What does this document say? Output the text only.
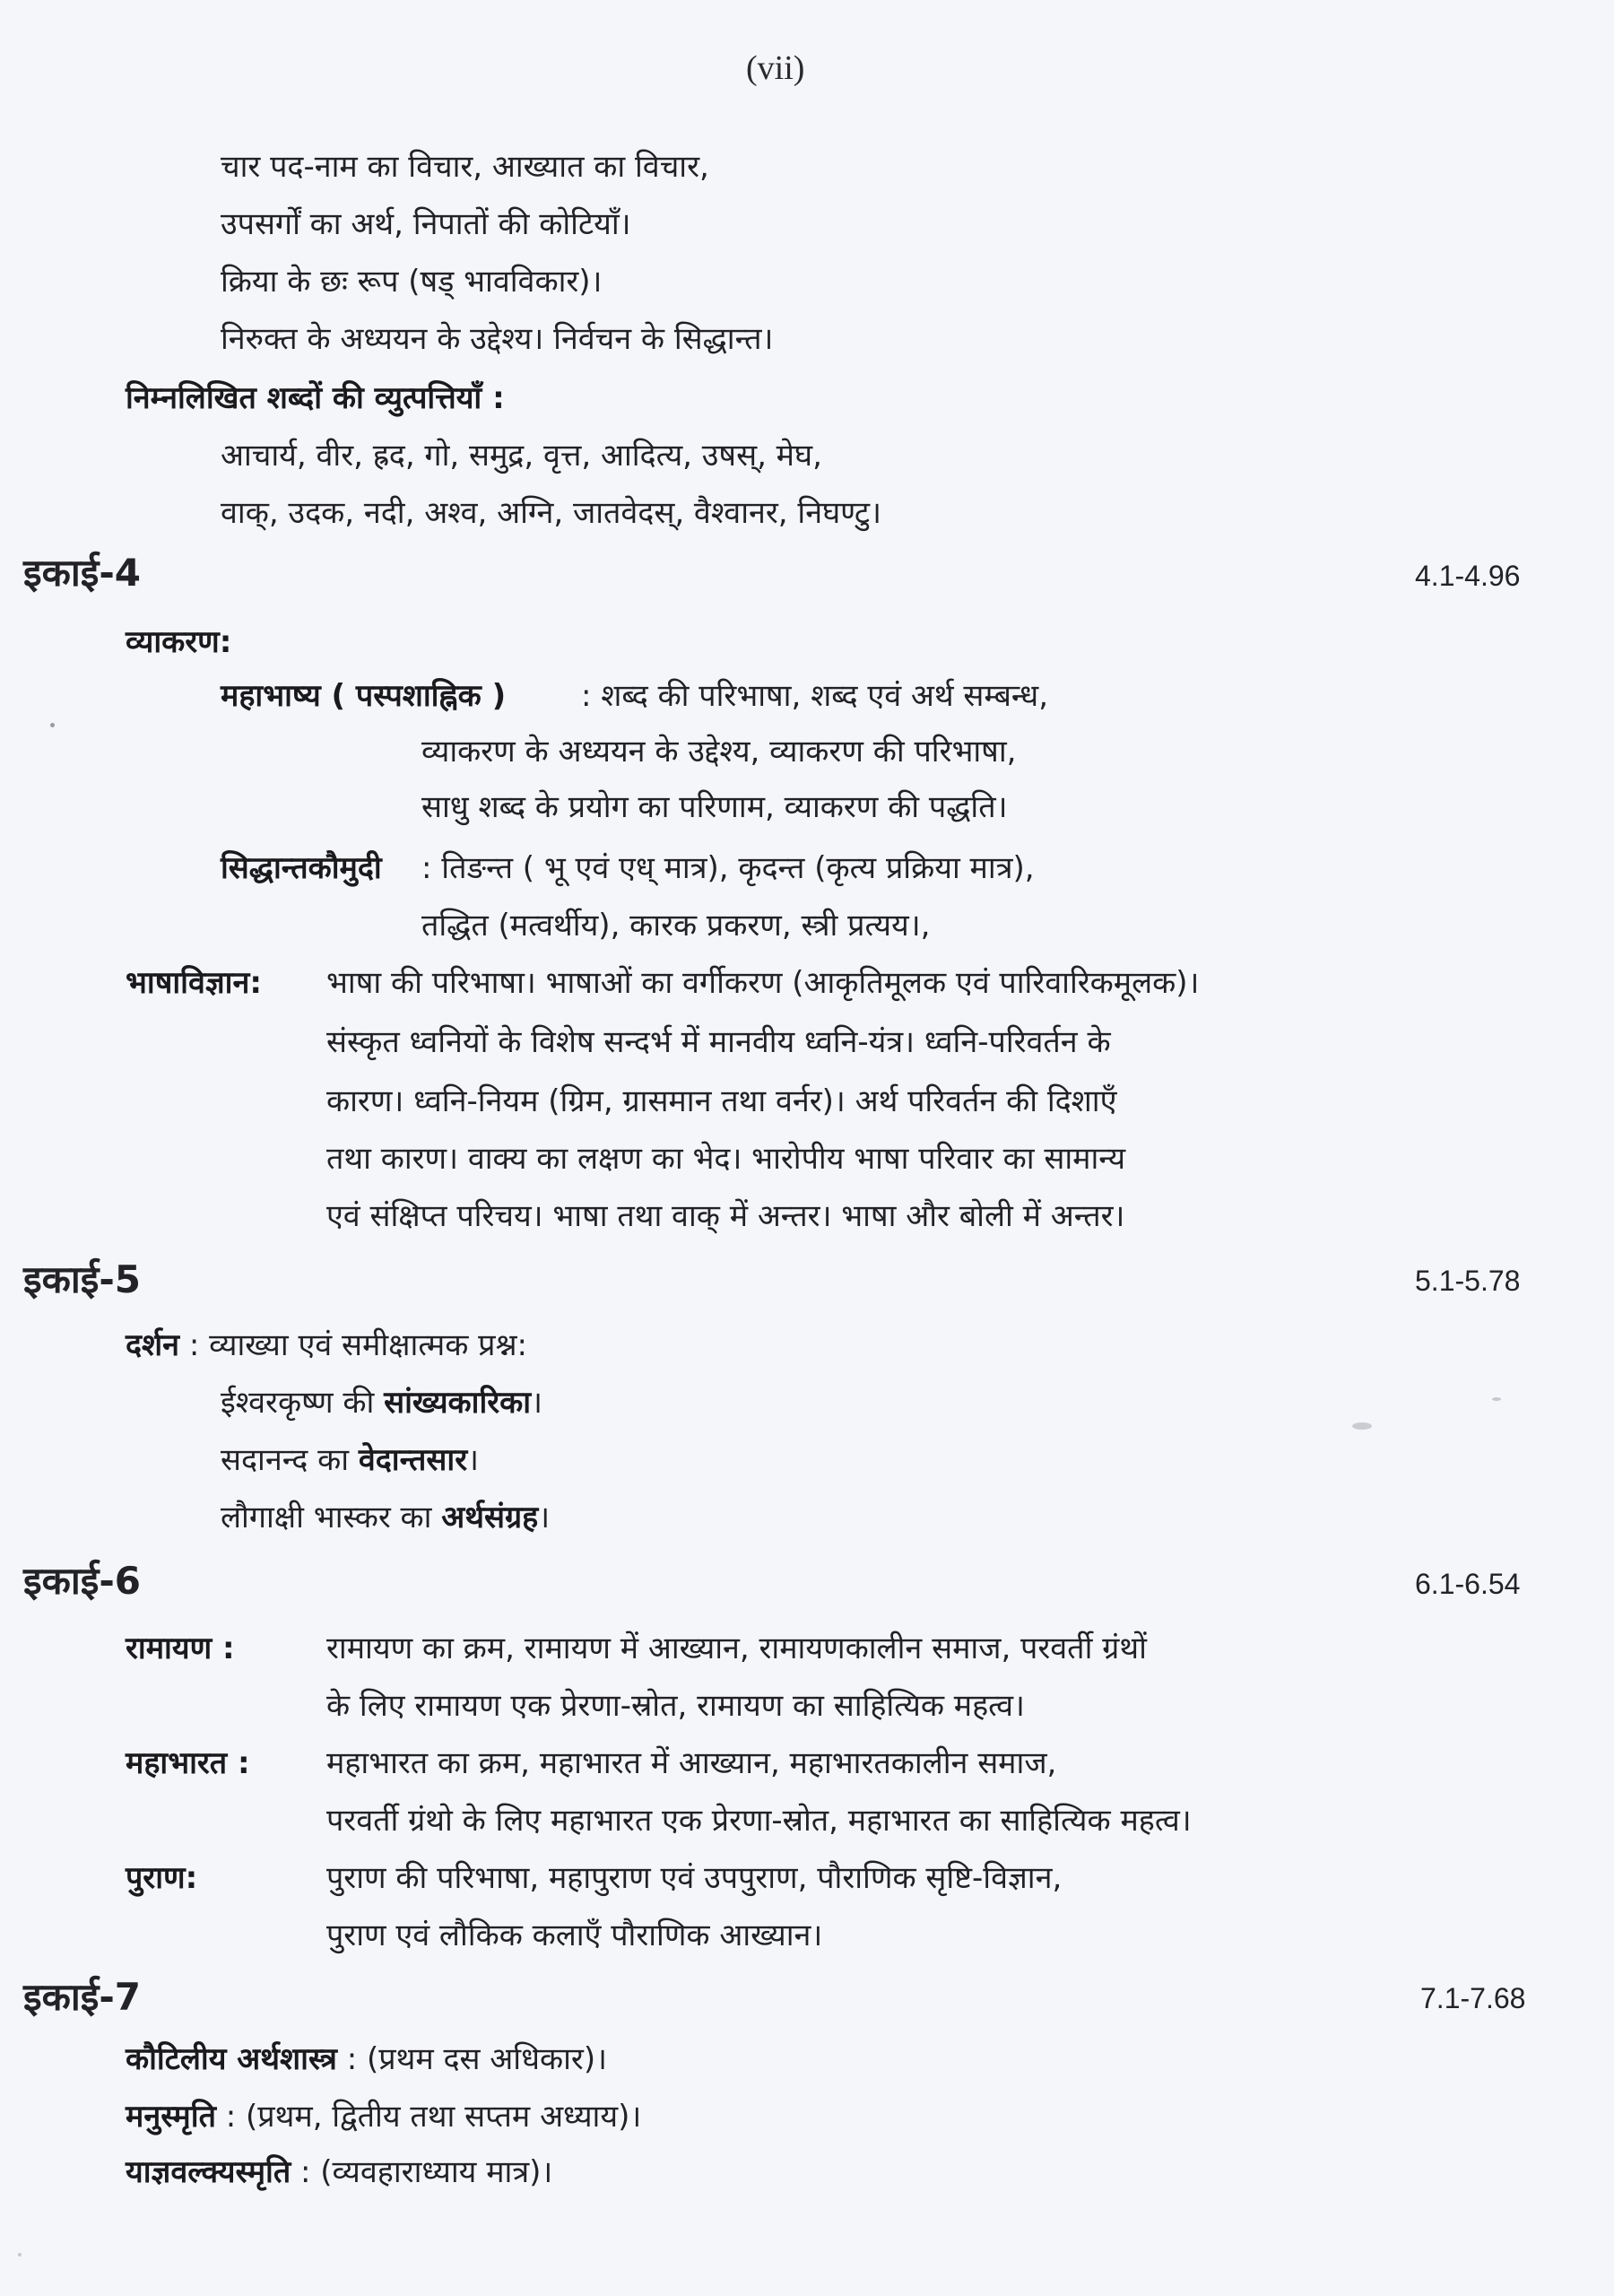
(vii)
चार पद-नाम का विचार, आख्यात का विचार,
उपसर्गों का अर्थ, निपातों की कोटियाँ।
क्रिया के छः रूप (षड् भावविकार)।
निरुक्त के अध्ययन के उद्देश्य। निर्वचन के सिद्धान्त।
निम्नलिखित शब्दों की व्युत्पत्तियाँ :
आचार्य, वीर, ह्रद, गो, समुद्र, वृत्त, आदित्य, उषस्, मेघ,
वाक्, उदक, नदी, अश्व, अग्नि, जातवेदस्, वैश्वानर, निघण्टु।
इकाई-4	4.1-4.96
व्याकरण:
महाभाष्य ( पस्पशाह्निक ) : शब्द की परिभाषा, शब्द एवं अर्थ सम्बन्ध,
व्याकरण के अध्ययन के उद्देश्य, व्याकरण की परिभाषा,
साधु शब्द के प्रयोग का परिणाम, व्याकरण की पद्धति।
सिद्धान्तकौमुदी : तिङन्त ( भू एवं एध् मात्र), कृदन्त (कृत्य प्रक्रिया मात्र),
तद्धित (मत्वर्थीय), कारक प्रकरण, स्त्री प्रत्यय।,
भाषाविज्ञान: भाषा की परिभाषा। भाषाओं का वर्गीकरण (आकृतिमूलक एवं पारिवारिकमूलक)।
संस्कृत ध्वनियों के विशेष सन्दर्भ में मानवीय ध्वनि-यंत्र। ध्वनि-परिवर्तन के
कारण। ध्वनि-नियम (ग्रिम, ग्रासमान तथा वर्नर)। अर्थ परिवर्तन की दिशाएँ
तथा कारण। वाक्य का लक्षण का भेद। भारोपीय भाषा परिवार का सामान्य
एवं संक्षिप्त परिचय। भाषा तथा वाक् में अन्तर। भाषा और बोली में अन्तर।
इकाई-5	5.1-5.78
दर्शन : व्याख्या एवं समीक्षात्मक प्रश्न:
ईश्वरकृष्ण की सांख्यकारिका।
सदानन्द का वेदान्तसार।
लौगाक्षी भास्कर का अर्थसंग्रह।
इकाई-6	6.1-6.54
रामायण :	रामायण का क्रम, रामायण में आख्यान, रामायणकालीन समाज, परवर्ती ग्रंथों
के लिए रामायण एक प्रेरणा-स्रोत, रामायण का साहित्यिक महत्व।
महाभारत :	महाभारत का क्रम, महाभारत में आख्यान, महाभारतकालीन समाज,
परवर्ती ग्रंथो के लिए महाभारत एक प्रेरणा-स्रोत, महाभारत का साहित्यिक महत्व।
पुराण:	पुराण की परिभाषा, महापुराण एवं उपपुराण, पौराणिक सृष्टि-विज्ञान,
पुराण एवं लौकिक कलाएँ पौराणिक आख्यान।
इकाई-7	7.1-7.68
कौटिलीय अर्थशास्त्र : (प्रथम दस अधिकार)।
मनुस्मृति : (प्रथम, द्वितीय तथा सप्तम अध्याय)।
याज्ञवल्क्यस्मृति : (व्यवहाराध्याय मात्र)।
